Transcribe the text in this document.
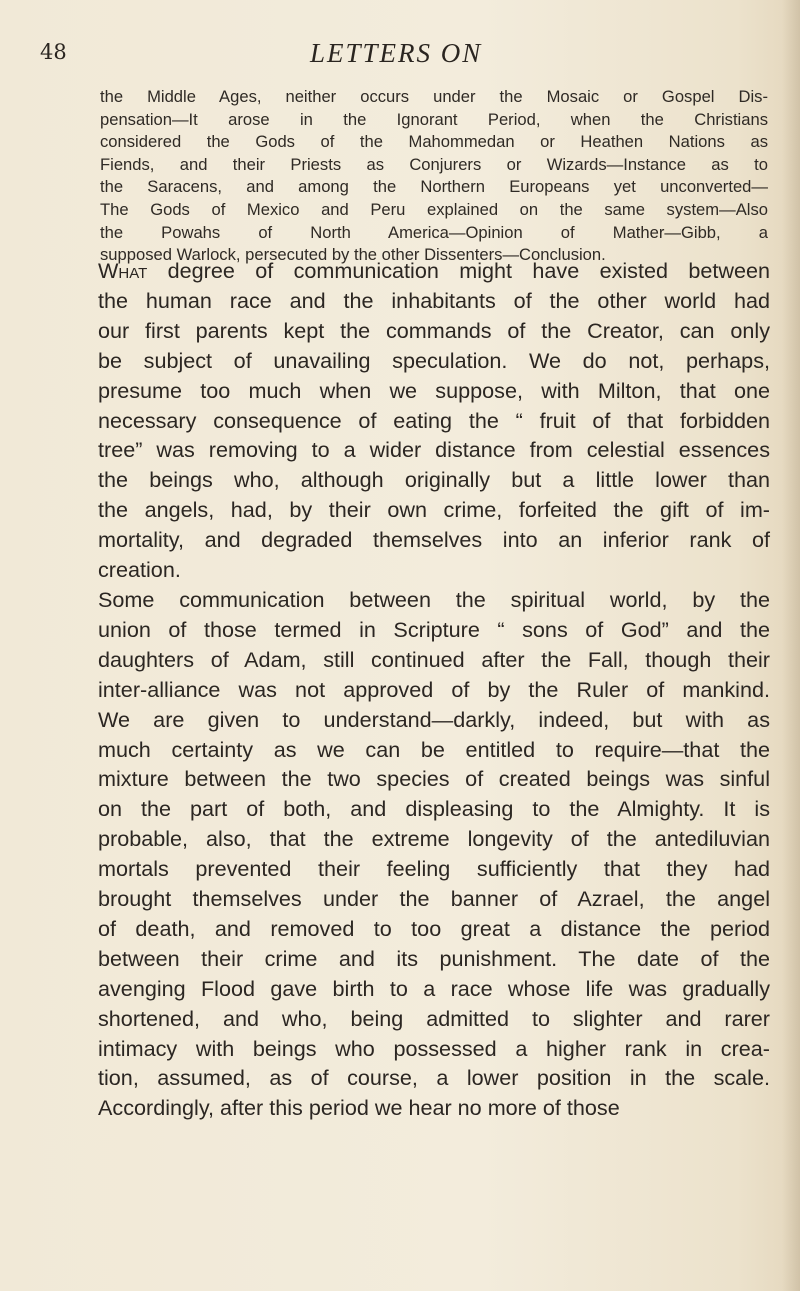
48	LETTERS ON
the Middle Ages, neither occurs under the Mosaic or Gospel Dis-
pensation—It arose in the Ignorant Period, when the Christians
considered the Gods of the Mahommedan or Heathen Nations as
Fiends, and their Priests as Conjurers or Wizards—Instance as to
the Saracens, and among the Northern Europeans yet unconverted—
The Gods of Mexico and Peru explained on the same system—Also
the Powahs of North America—Opinion of Mather—Gibb, a
supposed Warlock, persecuted by the other Dissenters—Conclusion.

What degree of communication might have existed between
the human race and the inhabitants of the other world had
our first parents kept the commands of the Creator, can only
be subject of unavailing speculation. We do not, perhaps,
presume too much when we suppose, with Milton, that one
necessary consequence of eating the “ fruit of that forbidden
tree” was removing to a wider distance from celestial essences
the beings who, although originally but a little lower than
the angels, had, by their own crime, forfeited the gift of im-
mortality, and degraded themselves into an inferior rank of
creation.

Some communication between the spiritual world, by the
union of those termed in Scripture “ sons of God” and the
daughters of Adam, still continued after the Fall, though their
inter-alliance was not approved of by the Ruler of mankind.
We are given to understand—darkly, indeed, but with as
much certainty as we can be entitled to require—that the
mixture between the two species of created beings was sinful
on the part of both, and displeasing to the Almighty. It is
probable, also, that the extreme longevity of the antediluvian
mortals prevented their feeling sufficiently that they had
brought themselves under the banner of Azrael, the angel
of death, and removed to too great a distance the period
between their crime and its punishment. The date of the
avenging Flood gave birth to a race whose life was gradually
shortened, and who, being admitted to slighter and rarer
intimacy with beings who possessed a higher rank in crea-
tion, assumed, as of course, a lower position in the scale.
Accordingly, after this period we hear no more of those
